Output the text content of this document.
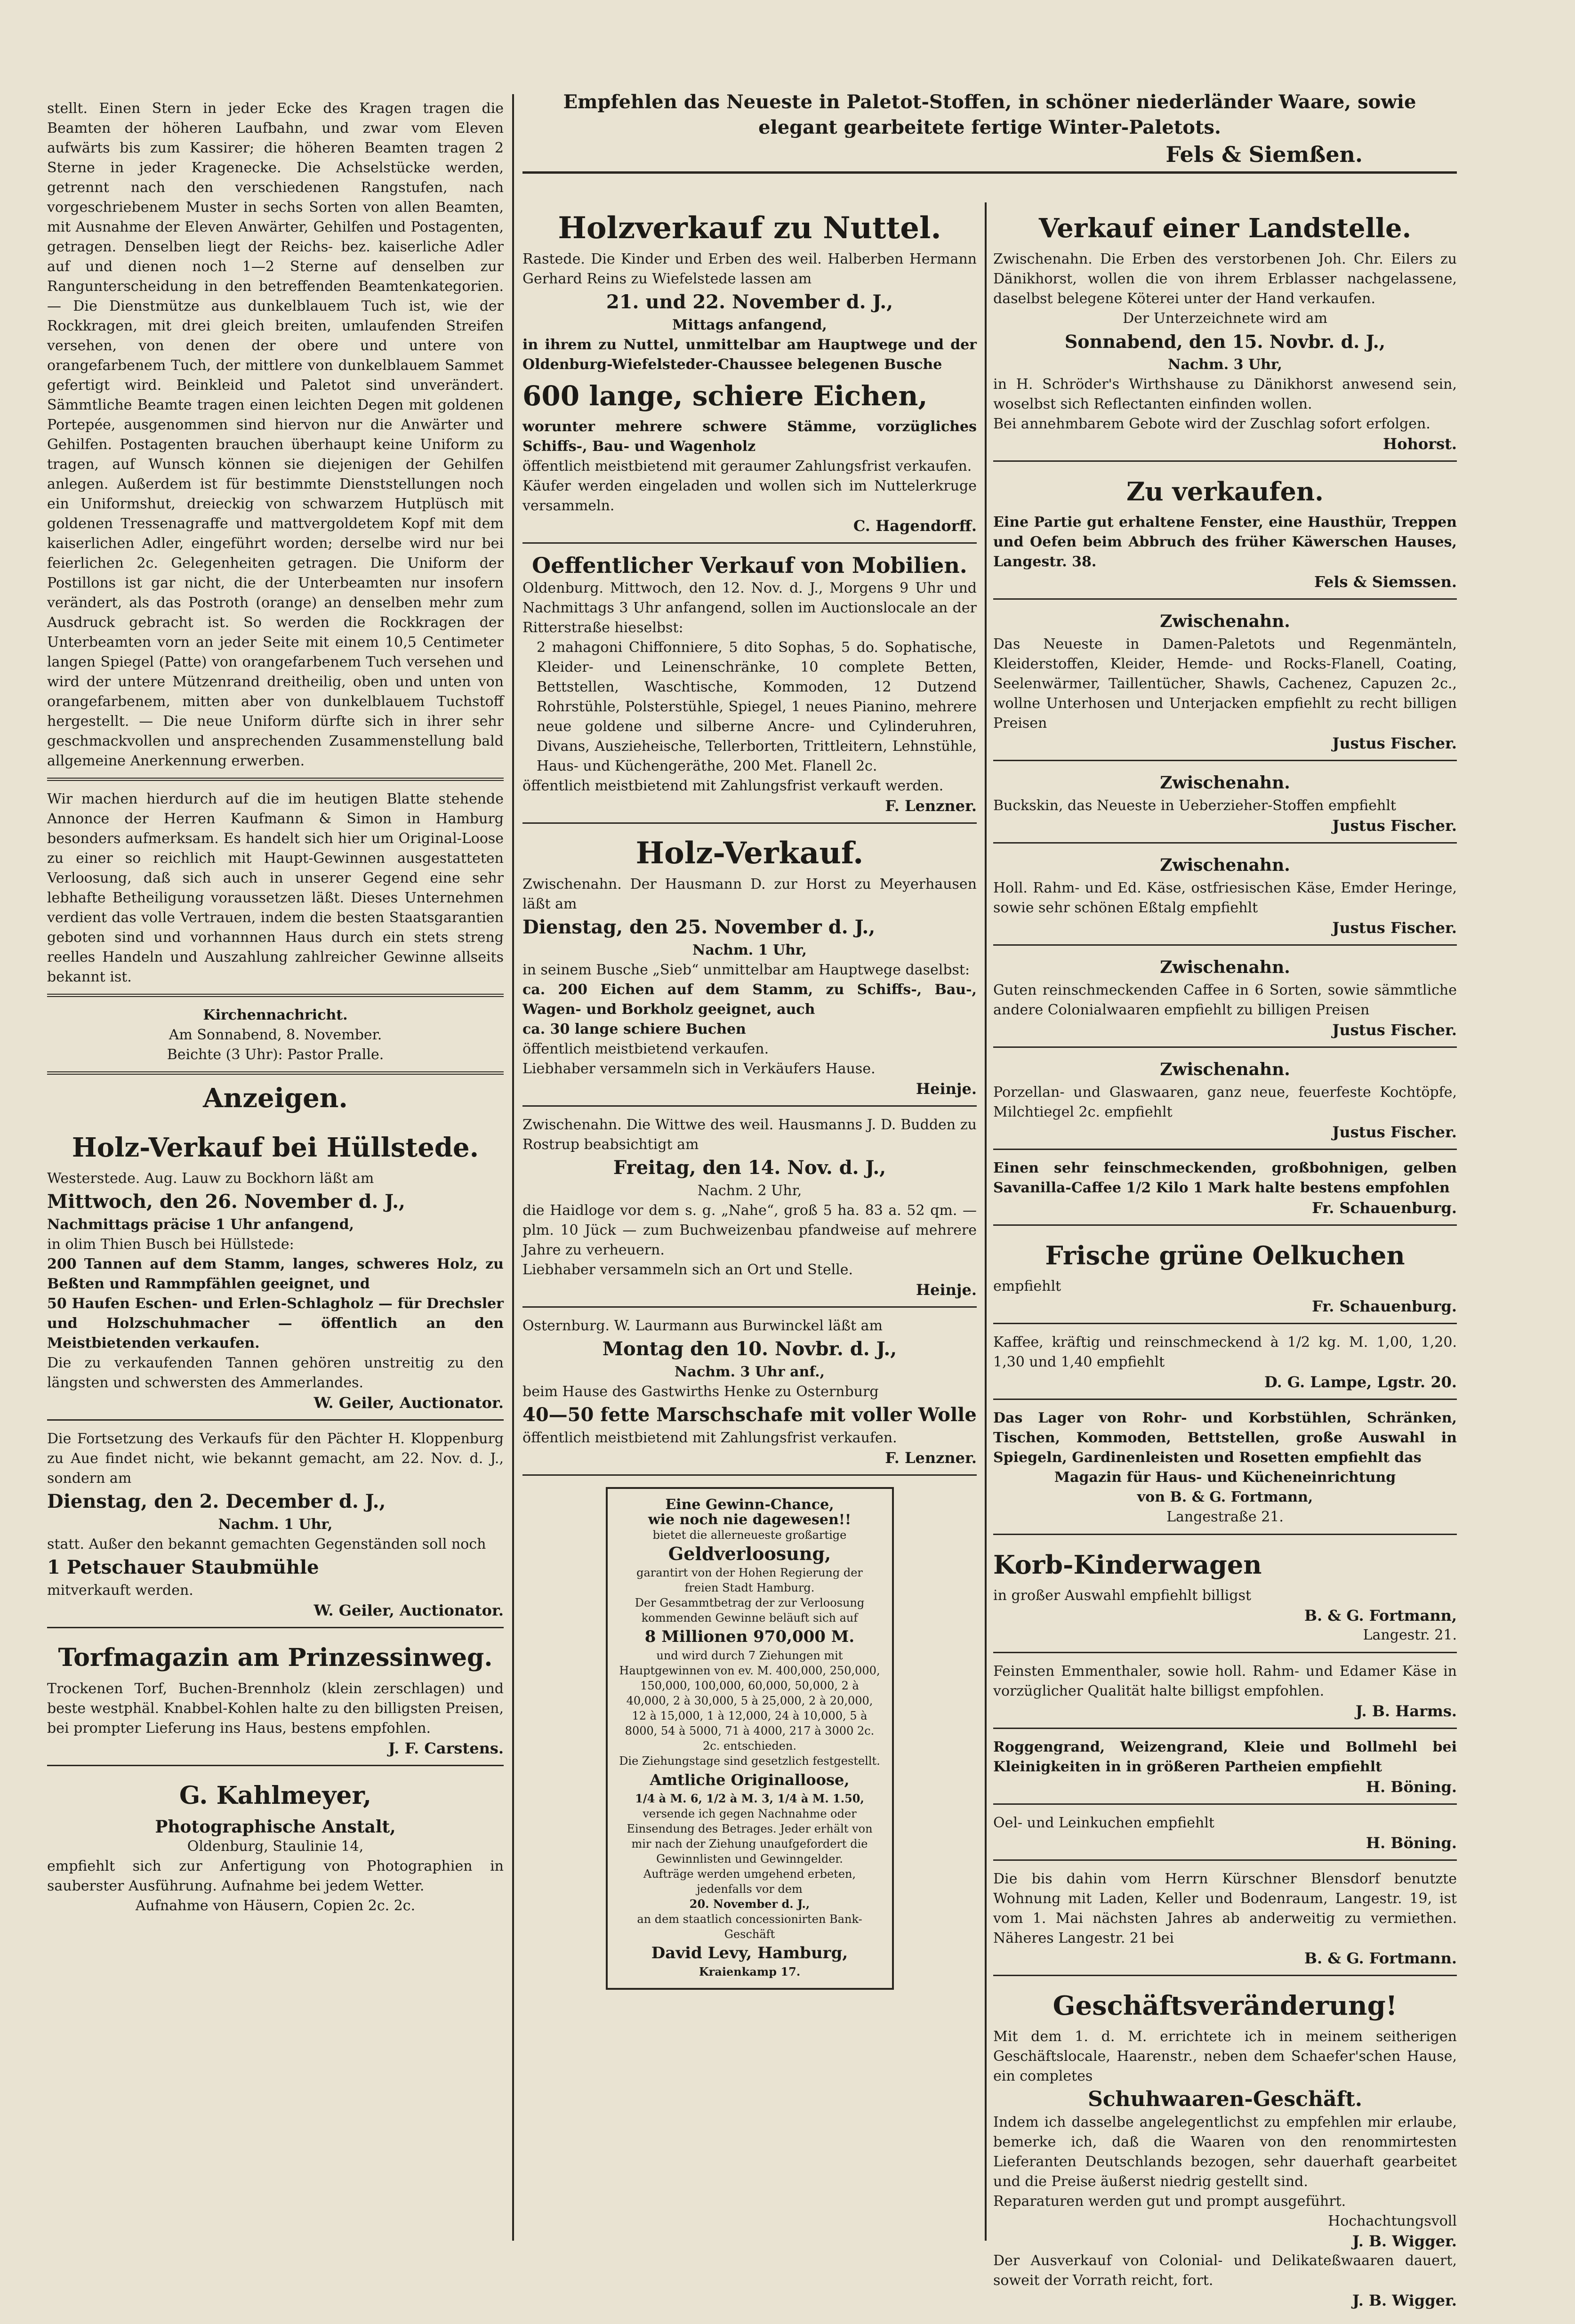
stellt. Einen Stern in jeder Ecke des Kragen tragen die Beamten der höheren Laufbahn, und zwar vom Eleven aufwärts bis zum Kassirer; die höheren Beamten tragen 2 Sterne in jeder Kragenecke. Die Achselstücke werden, getrennt nach den verschiedenen Rangstufen, nach vorgeschriebenem Muster in sechs Sorten von allen Beamten, mit Ausnahme der Eleven Anwärter, Gehilfen und Postagenten, getragen. Denselben liegt der Reichs- bez. kaiserliche Adler auf und dienen noch 1—2 Sterne auf denselben zur Rangunterscheidung in den betreffenden Beamtenkategorien. — Die Dienstmütze aus dunkelblauem Tuch ist, wie der Rockkragen, mit drei gleich breiten, umlaufenden Streifen versehen, von denen der obere und untere von orangefarbenem Tuch, der mittlere von dunkelblauem Sammet gefertigt wird. Beinkleid und Paletot sind unverändert. Sämmtliche Beamte tragen einen leichten Degen mit goldenen Portepée, ausgenommen sind hiervon nur die Anwärter und Gehilfen. Postagenten brauchen überhaupt keine Uniform zu tragen, auf Wunsch können sie diejenigen der Gehilfen anlegen. Außerdem ist für bestimmte Dienststellungen noch ein Uniformshut, dreieckig von schwarzem Hutplüsch mit goldenen Tressenagraffe und mattvergoldetem Kopf mit dem kaiserlichen Adler, eingeführt worden; derselbe wird nur bei feierlichen 2c. Gelegenheiten getragen. Die Uniform der Postillons ist gar nicht, die der Unterbeamten nur insofern verändert, als das Postroth (orange) an denselben mehr zum Ausdruck gebracht ist. So werden die Rockkragen der Unterbeamten vorn an jeder Seite mit einem 10,5 Centimeter langen Spiegel (Patte) von orangefarbenem Tuch versehen und wird der untere Mützenrand dreitheilig, oben und unten von orangefarbenem, mitten aber von dunkelblauem Tuchstoff hergestellt. — Die neue Uniform dürfte sich in ihrer sehr geschmackvollen und ansprechenden Zusammenstellung bald allgemeine Anerkennung erwerben.

Wir machen hierdurch auf die im heutigen Blatte stehende Annonce der Herren Kaufmann & Simon in Hamburg besonders aufmerksam. Es handelt sich hier um Original-Loose zu einer so reichlich mit Haupt-Gewinnen ausgestatteten Verloosung, daß sich auch in unserer Gegend eine sehr lebhafte Betheiligung voraussetzen läßt. Dieses Unternehmen verdient das volle Vertrauen, indem die besten Staatsgarantien geboten sind und vorhannnen Haus durch ein stets streng reelles Handeln und Auszahlung zahlreicher Gewinne allseits bekannt ist.

Kirchennachricht.

Am Sonnabend, 8. November.

Beichte (3 Uhr): Pastor Pralle.

Anzeigen.
Holz-Verkauf bei Hüllstede.

Westerstede. Aug. Lauw zu Bockhorn läßt am

Mittwoch, den 26. November d. J.,

Nachmittags präcise 1 Uhr anfangend,

in olim Thien Busch bei Hüllstede:

200 Tannen auf dem Stamm, langes, schweres Holz, zu Beßten und Rammpfählen geeignet, und

50 Haufen Eschen- und Erlen-Schlagholz — für Drechsler und Holzschuhmacher — öffentlich an den Meistbietenden verkaufen.

Die zu verkaufenden Tannen gehören unstreitig zu den längsten und schwersten des Ammerlandes.

W. Geiler, Auctionator.

Die Fortsetzung des Verkaufs für den Pächter H. Kloppenburg zu Aue findet nicht, wie bekannt gemacht, am 22. Nov. d. J., sondern am

Dienstag, den 2. December d. J.,

Nachm. 1 Uhr,

statt. Außer den bekannt gemachten Gegenständen soll noch

1 Petschauer Staubmühle

mitverkauft werden.

W. Geiler, Auctionator.

Torfmagazin am Prinzessinweg.

Trockenen Torf, Buchen-Brennholz (klein zerschlagen) und beste westphäl. Knabbel-Kohlen halte zu den billigsten Preisen, bei prompter Lieferung ins Haus, bestens empfohlen.

J. F. Carstens.

G. Kahlmeyer,

Photographische Anstalt,

Oldenburg, Staulinie 14,

empfiehlt sich zur Anfertigung von Photographien in sauberster Ausführung. Aufnahme bei jedem Wetter.

Aufnahme von Häusern, Copien 2c. 2c.

Empfehlen das Neueste in Paletot-Stoffen, in schöner niederländer Waare, sowie elegant gearbeitete fertige Winter-Paletots.

Fels & Siemßen.

Holzverkauf zu Nuttel.

Rastede. Die Kinder und Erben des weil. Halberben Hermann Gerhard Reins zu Wiefelstede lassen am

21. und 22. November d. J.,

Mittags anfangend,

in ihrem zu Nuttel, unmittelbar am Hauptwege und der Oldenburg-Wiefelsteder-Chaussee belegenen Busche

600 lange, schiere Eichen,

worunter mehrere schwere Stämme, vorzügliches Schiffs-, Bau- und Wagenholz

öffentlich meistbietend mit geraumer Zahlungsfrist verkaufen.

Käufer werden eingeladen und wollen sich im Nuttelerkruge versammeln.

C. Hagendorff.

Oeffentlicher Verkauf von Mobilien.

Oldenburg. Mittwoch, den 12. Nov. d. J., Morgens 9 Uhr und Nachmittags 3 Uhr anfangend, sollen im Auctionslocale an der Ritterstraße hieselbst:

2 mahagoni Chiffonniere, 5 dito Sophas, 5 do. Sophatische, Kleider- und Leinenschränke, 10 complete Betten, Bettstellen, Waschtische, Kommoden, 12 Dutzend Rohrstühle, Polsterstühle, Spiegel, 1 neues Pianino, mehrere neue goldene und silberne Ancre- und Cylinderuhren, Divans, Auszieheische, Tellerborten, Trittleitern, Lehnstühle, Haus- und Küchengeräthe, 200 Met. Flanell 2c.

öffentlich meistbietend mit Zahlungsfrist verkauft werden.

F. Lenzner.

Holz-Verkauf.

Zwischenahn. Der Hausmann D. zur Horst zu Meyerhausen läßt am

Dienstag, den 25. November d. J.,

Nachm. 1 Uhr,

in seinem Busche „Sieb“ unmittelbar am Hauptwege daselbst:

ca. 200 Eichen auf dem Stamm, zu Schiffs-, Bau-, Wagen- und Borkholz geeignet, auch

ca. 30 lange schiere Buchen

öffentlich meistbietend verkaufen.

Liebhaber versammeln sich in Verkäufers Hause.

Heinje.

Zwischenahn. Die Wittwe des weil. Hausmanns J. D. Budden zu Rostrup beabsichtigt am

Freitag, den 14. Nov. d. J.,

Nachm. 2 Uhr,

die Haidloge vor dem s. g. „Nahe“, groß 5 ha. 83 a. 52 qm. — plm. 10 Jück — zum Buchweizenbau pfandweise auf mehrere Jahre zu verheuern.

Liebhaber versammeln sich an Ort und Stelle.

Heinje.

Osternburg. W. Laurmann aus Burwinckel läßt am

Montag den 10. Novbr. d. J.,

Nachm. 3 Uhr anf.,

beim Hause des Gastwirths Henke zu Osternburg

40—50 fette Marschschafe mit voller Wolle

öffentlich meistbietend mit Zahlungsfrist verkaufen.

F. Lenzner.

Eine Gewinn-Chance,

wie noch nie dagewesen!!

bietet die allerneueste großartige

Geldverloosung,

garantirt von der Hohen Regierung der freien Stadt Hamburg.

Der Gesammtbetrag der zur Verloosung kommenden Gewinne beläuft sich auf

8 Millionen 970,000 M.

und wird durch 7 Ziehungen mit Hauptgewinnen von ev. M. 400,000, 250,000, 150,000, 100,000, 60,000, 50,000, 2 à 40,000, 2 à 30,000, 5 à 25,000, 2 à 20,000, 12 à 15,000, 1 à 12,000, 24 à 10,000, 5 à 8000, 54 à 5000, 71 à 4000, 217 à 3000 2c. 2c. entschieden.

Die Ziehungstage sind gesetzlich festgestellt.

Amtliche Originalloose,

1/4 à M. 6, 1/2 à M. 3, 1/4 à M. 1.50,

versende ich gegen Nachnahme oder Einsendung des Betrages. Jeder erhält von mir nach der Ziehung unaufgefordert die Gewinnlisten und Gewinngelder.

Aufträge werden umgehend erbeten, jedenfalls vor dem

20. November d. J.,

an dem staatlich concessionirten Bank-Geschäft

David Levy, Hamburg,

Kraienkamp 17.

Verkauf einer Landstelle.

Zwischenahn. Die Erben des verstorbenen Joh. Chr. Eilers zu Dänikhorst, wollen die von ihrem Erblasser nachgelassene, daselbst belegene Köterei unter der Hand verkaufen.

Der Unterzeichnete wird am

Sonnabend, den 15. Novbr. d. J.,

Nachm. 3 Uhr,

in H. Schröder's Wirthshause zu Dänikhorst anwesend sein, woselbst sich Reflectanten einfinden wollen.

Bei annehmbarem Gebote wird der Zuschlag sofort erfolgen.

Hohorst.

Zu verkaufen.

Eine Partie gut erhaltene Fenster, eine Hausthür, Treppen und Oefen beim Abbruch des früher Käwerschen Hauses, Langestr. 38.

Fels & Siemssen.

Zwischenahn.

Das Neueste in Damen-Paletots und Regenmänteln, Kleiderstoffen, Kleider, Hemde- und Rocks-Flanell, Coating, Seelenwärmer, Taillentücher, Shawls, Cachenez, Capuzen 2c., wollne Unterhosen und Unterjacken empfiehlt zu recht billigen Preisen

Justus Fischer.

Zwischenahn.

Buckskin, das Neueste in Ueberzieher-Stoffen empfiehlt

Justus Fischer.

Zwischenahn.

Holl. Rahm- und Ed. Käse, ostfriesischen Käse, Emder Heringe, sowie sehr schönen Eßtalg empfiehlt

Justus Fischer.

Zwischenahn.

Guten reinschmeckenden Caffee in 6 Sorten, sowie sämmtliche andere Colonialwaaren empfiehlt zu billigen Preisen

Justus Fischer.

Zwischenahn.

Porzellan- und Glaswaaren, ganz neue, feuerfeste Kochtöpfe, Milchtiegel 2c. empfiehlt

Justus Fischer.

Einen sehr feinschmeckenden, großbohnigen, gelben Savanilla-Caffee 1/2 Kilo 1 Mark halte bestens empfohlen

Fr. Schauenburg.

Frische grüne Oelkuchen

empfiehlt

Fr. Schauenburg.

Kaffee, kräftig und reinschmeckend à 1/2 kg. M. 1,00, 1,20. 1,30 und 1,40 empfiehlt

D. G. Lampe, Lgstr. 20.

Das Lager von Rohr- und Korbstühlen, Schränken, Tischen, Kommoden, Bettstellen, große Auswahl in Spiegeln, Gardinenleisten und Rosetten empfiehlt das

Magazin für Haus- und Kücheneinrichtung

von B. & G. Fortmann,

Langestraße 21.

Korb-Kinderwagen

in großer Auswahl empfiehlt billigst

B. & G. Fortmann,

Langestr. 21.

Feinsten Emmenthaler, sowie holl. Rahm- und Edamer Käse in vorzüglicher Qualität halte billigst empfohlen.

J. B. Harms.

Roggengrand, Weizengrand, Kleie und Bollmehl bei Kleinigkeiten in in größeren Partheien empfiehlt

H. Böning.

Oel- und Leinkuchen empfiehlt

H. Böning.

Die bis dahin vom Herrn Kürschner Blensdorf benutzte Wohnung mit Laden, Keller und Bodenraum, Langestr. 19, ist vom 1. Mai nächsten Jahres ab anderweitig zu vermiethen. Näheres Langestr. 21 bei

B. & G. Fortmann.

Geschäftsveränderung!

Mit dem 1. d. M. errichtete ich in meinem seitherigen Geschäftslocale, Haarenstr., neben dem Schaefer'schen Hause, ein completes

Schuhwaaren-Geschäft.

Indem ich dasselbe angelegentlichst zu empfehlen mir erlaube, bemerke ich, daß die Waaren von den renommirtesten Lieferanten Deutschlands bezogen, sehr dauerhaft gearbeitet und die Preise äußerst niedrig gestellt sind.

Reparaturen werden gut und prompt ausgeführt.

Hochachtungsvoll

J. B. Wigger.

Der Ausverkauf von Colonial- und Delikateßwaaren dauert, soweit der Vorrath reicht, fort.

J. B. Wigger.
